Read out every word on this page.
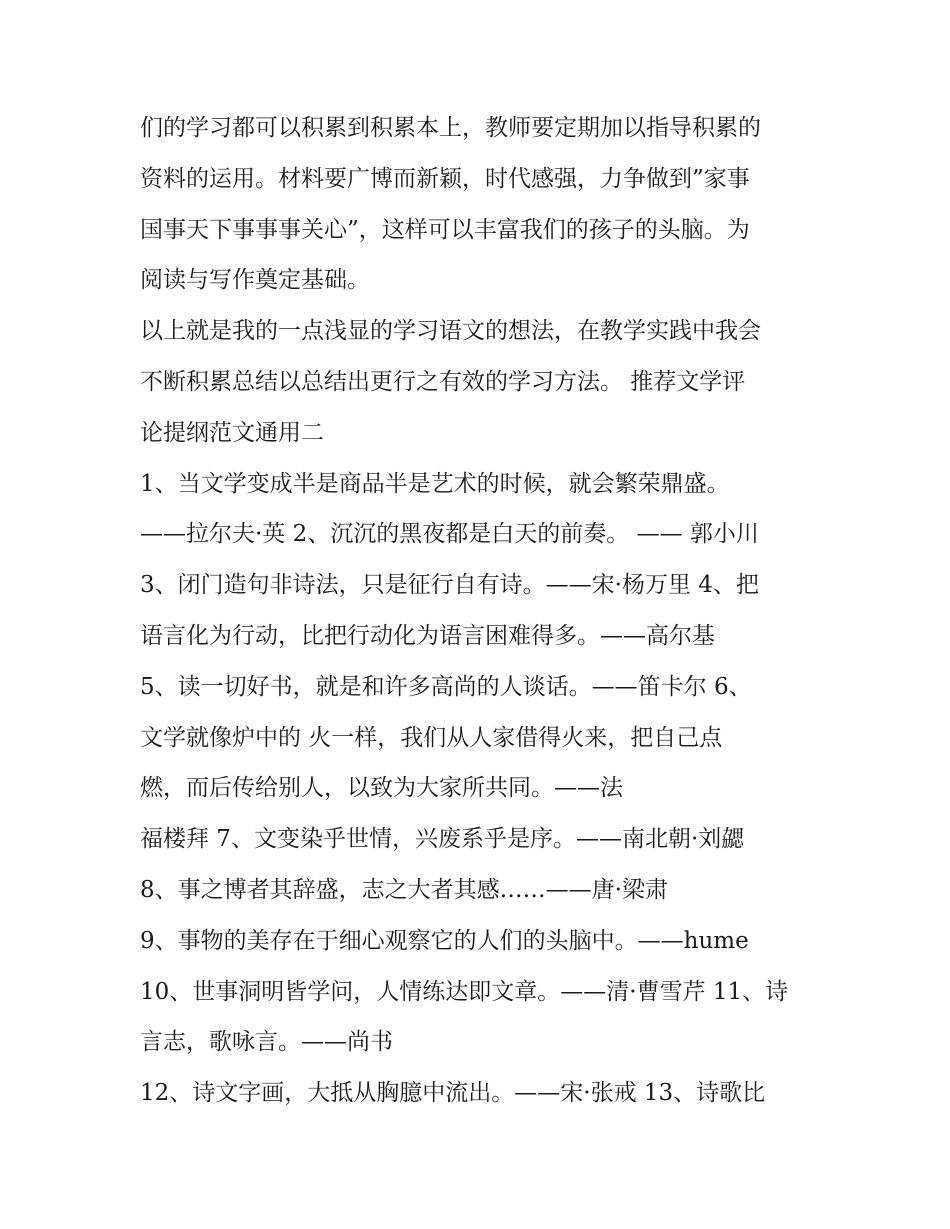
们的学习都可以积累到积累本上，教师要定期加以指导积累的
资料的运用。材料要广博而新颖，时代感强，力争做到”家事
国事天下事事事关心”，这样可以丰富我们的孩子的头脑。为
阅读与写作奠定基础。
以上就是我的一点浅显的学习语文的想法，在教学实践中我会
不断积累总结以总结出更行之有效的学习方法。 推荐文学评
论提纲范文通用二
1、当文学变成半是商品半是艺术的时候，就会繁荣鼎盛。
——拉尔夫·英 2、沉沉的黑夜都是白天的前奏。 —— 郭小川
3、闭门造句非诗法，只是征行自有诗。——宋·杨万里 4、把
语言化为行动，比把行动化为语言困难得多。——高尔基
5、读一切好书，就是和许多高尚的人谈话。——笛卡尔 6、
文学就像炉中的 火一样，我们从人家借得火来，把自己点
燃，而后传给别人，以致为大家所共同。——法
福楼拜 7、文变染乎世情，兴废系乎是序。——南北朝·刘勰
8、事之博者其辞盛，志之大者其感……——唐·梁肃
9、事物的美存在于细心观察它的人们的头脑中。——hume
10、世事洞明皆学问，人情练达即文章。——清·曹雪芹 11、诗
言志，歌咏言。——尚书
12、诗文字画，大抵从胸臆中流出。——宋·张戒 13、诗歌比
